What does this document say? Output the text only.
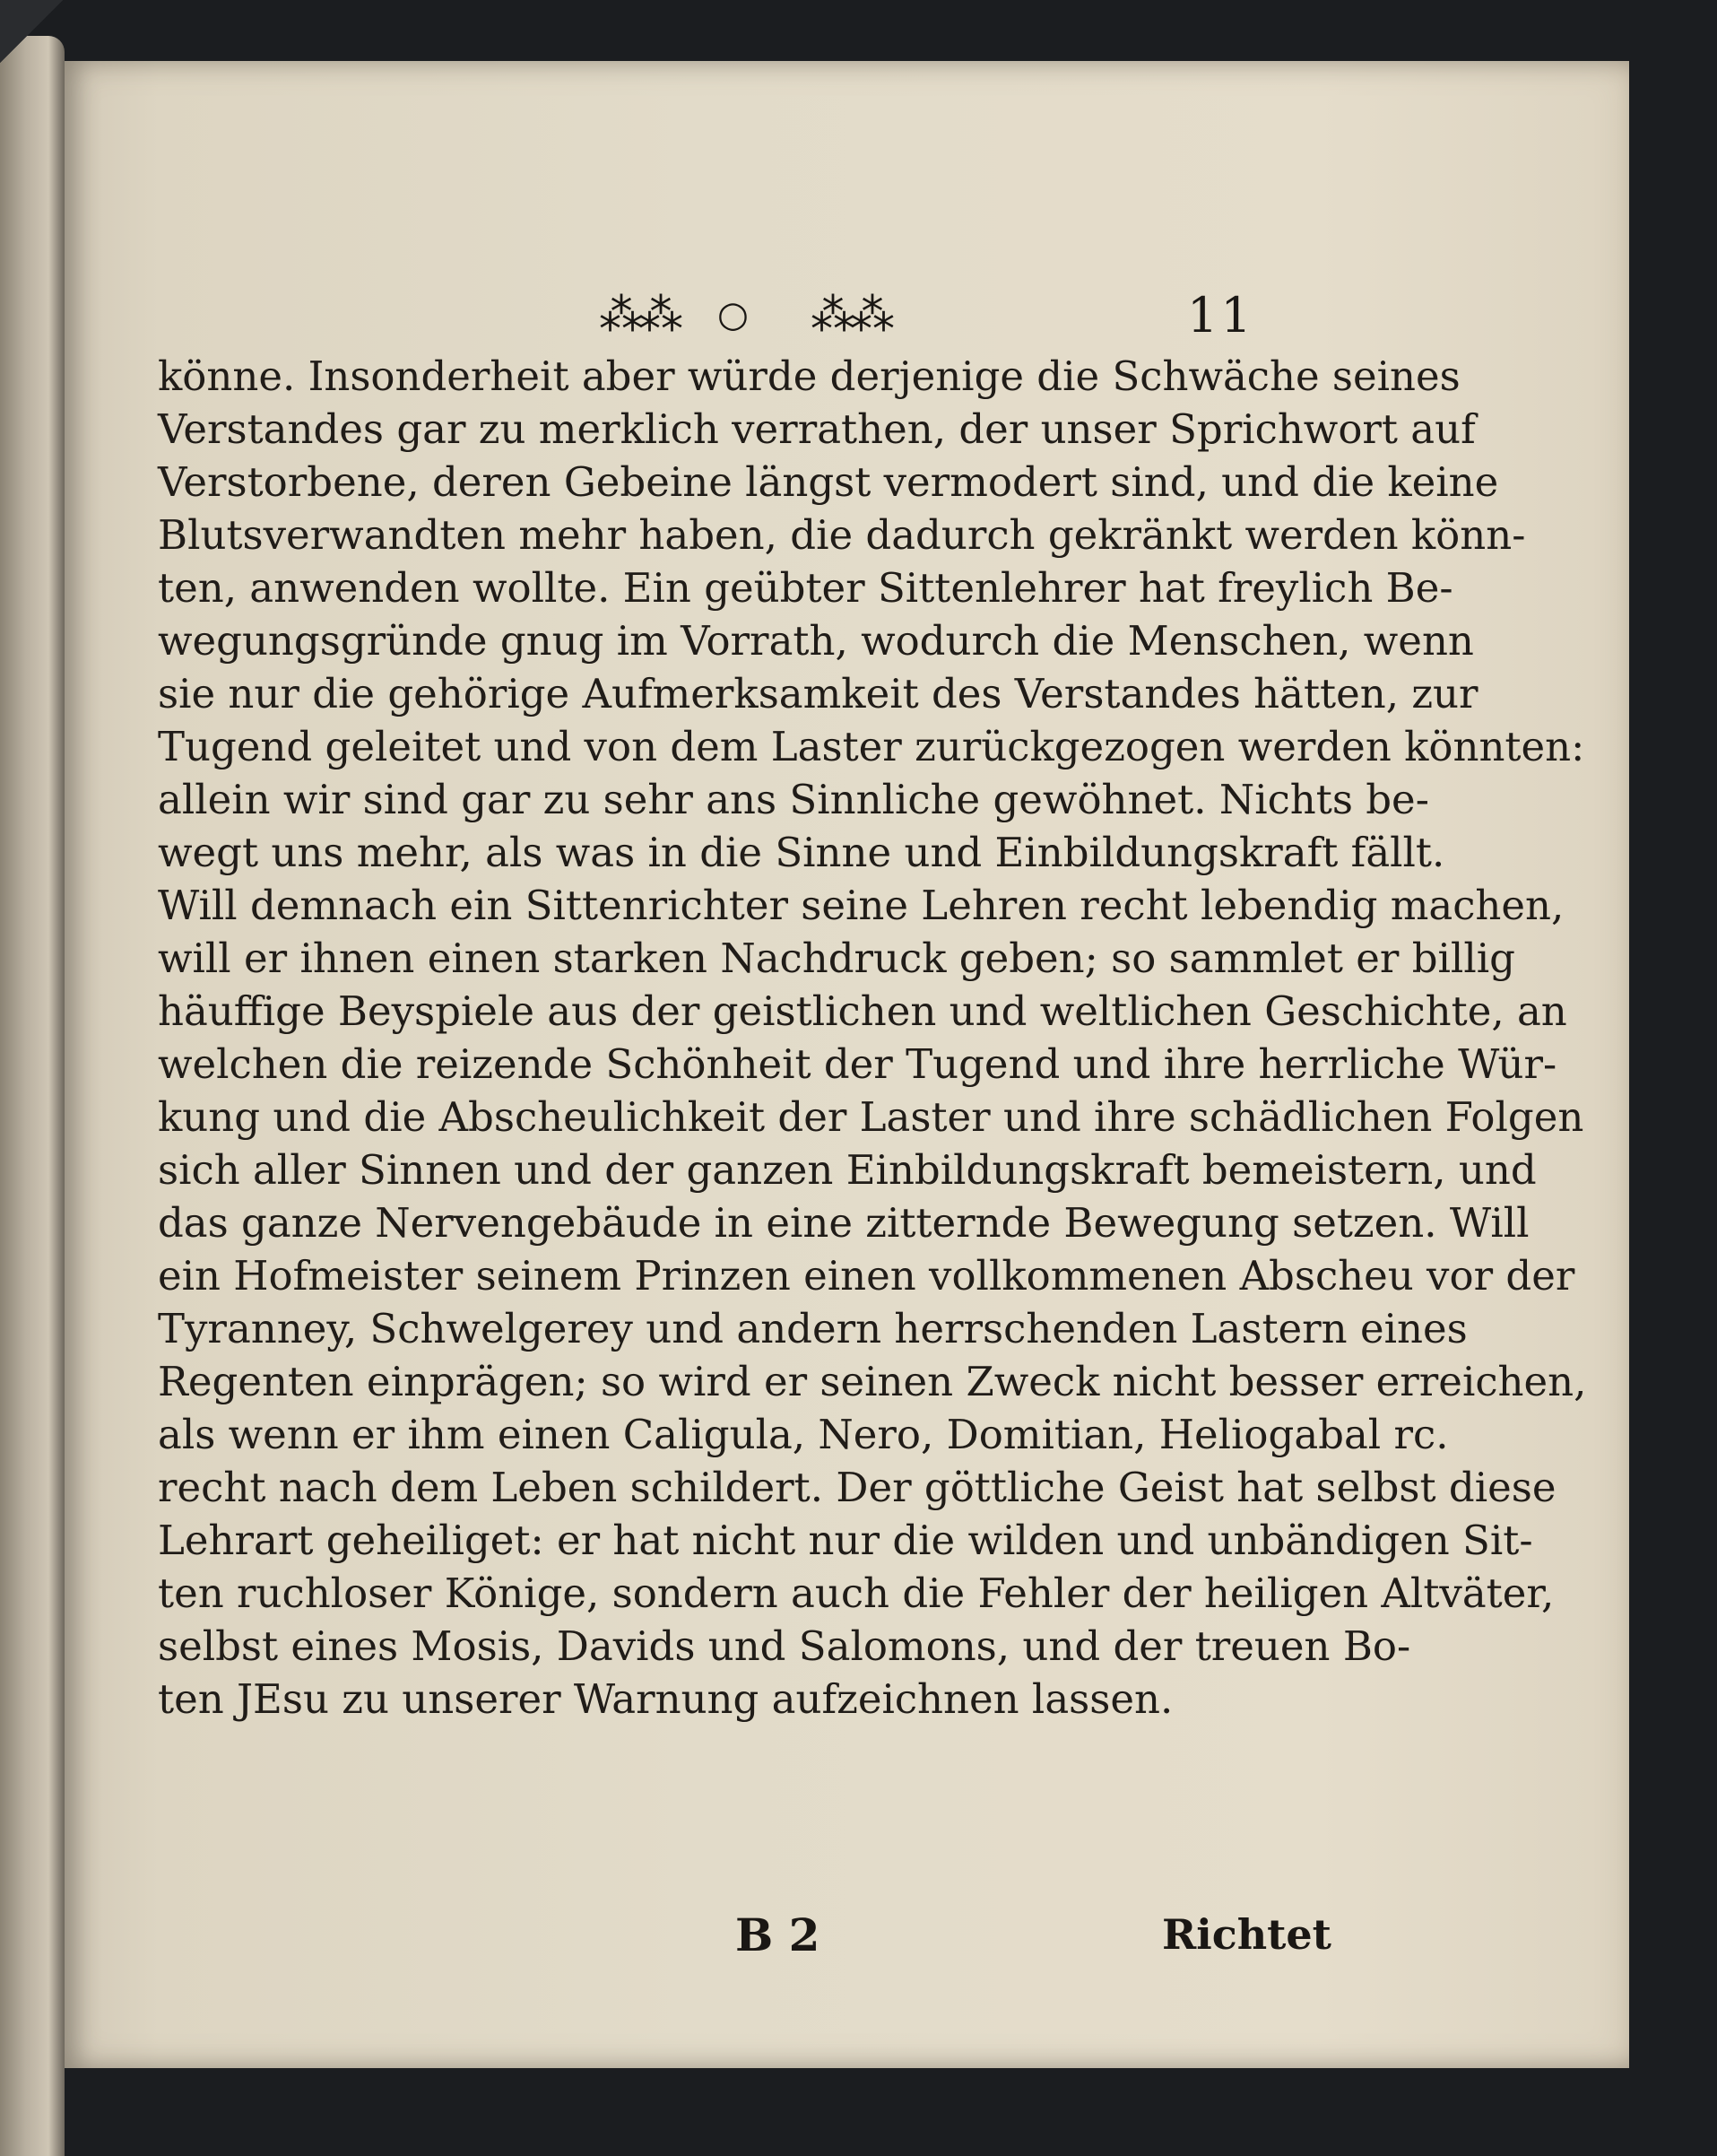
⁂⁂ ○ ⁂⁂	11
könne. Insonderheit aber würde derjenige die Schwäche seines
Verstandes gar zu merklich verrathen, der unser Sprichwort auf
Verstorbene, deren Gebeine längst vermodert sind, und die keine
Blutsverwandten mehr haben, die dadurch gekränkt werden könn-
ten, anwenden wollte. Ein geübter Sittenlehrer hat freylich Be-
wegungsgründe gnug im Vorrath, wodurch die Menschen, wenn
sie nur die gehörige Aufmerksamkeit des Verstandes hätten, zur
Tugend geleitet und von dem Laster zurückgezogen werden könnten:
allein wir sind gar zu sehr ans Sinnliche gewöhnet. Nichts be-
wegt uns mehr, als was in die Sinne und Einbildungskraft fällt.
Will demnach ein Sittenrichter seine Lehren recht lebendig machen,
will er ihnen einen starken Nachdruck geben; so sammlet er billig
häuffige Beyspiele aus der geistlichen und weltlichen Geschichte, an
welchen die reizende Schönheit der Tugend und ihre herrliche Wür-
kung und die Abscheulichkeit der Laster und ihre schädlichen Folgen
sich aller Sinnen und der ganzen Einbildungskraft bemeistern, und
das ganze Nervengebäude in eine zitternde Bewegung setzen. Will
ein Hofmeister seinem Prinzen einen vollkommenen Abscheu vor der
Tyranney, Schwelgerey und andern herrschenden Lastern eines
Regenten einprägen; so wird er seinen Zweck nicht besser erreichen,
als wenn er ihm einen Caligula, Nero, Domitian, Heliogabal rc.
recht nach dem Leben schildert. Der göttliche Geist hat selbst diese
Lehrart geheiliget: er hat nicht nur die wilden und unbändigen Sit-
ten ruchloser Könige, sondern auch die Fehler der heiligen Altväter,
selbst eines Mosis, Davids und Salomons, und der treuen Bo-
ten JEsu zu unserer Warnung aufzeichnen lassen.
B 2	Richtet
